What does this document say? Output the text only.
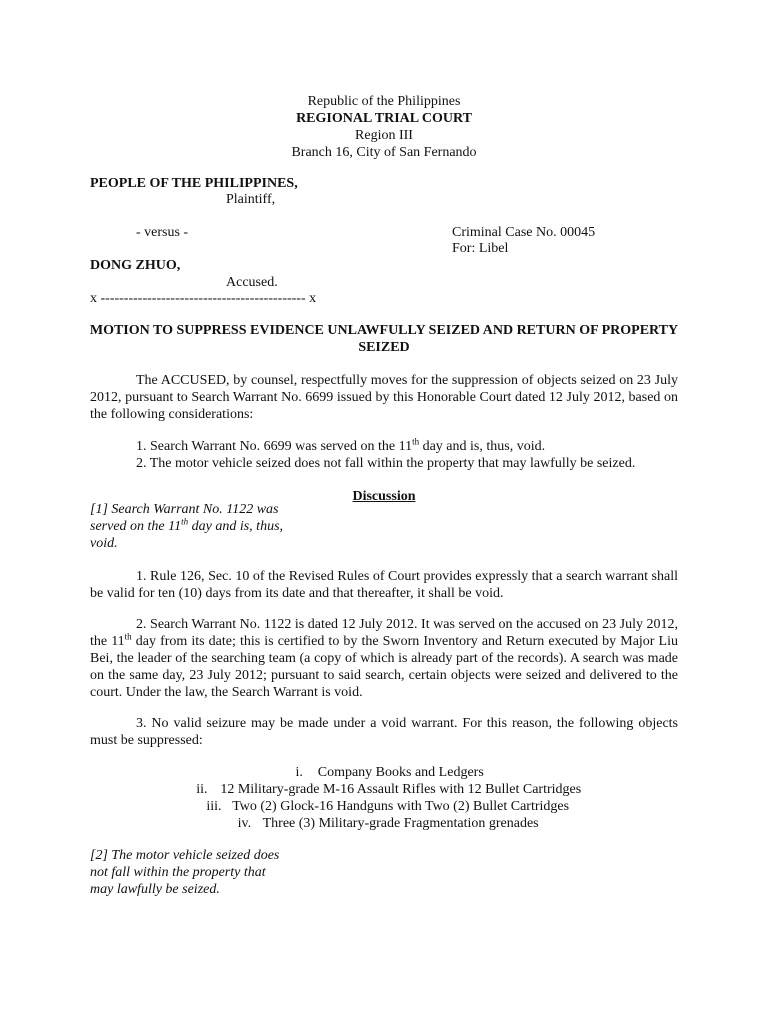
Republic of the Philippines
REGIONAL TRIAL COURT
Region III
Branch 16, City of San Fernando
PEOPLE OF THE PHILIPPINES,
Plaintiff,
- versus -	Criminal Case No. 00045
For: Libel
DONG ZHUO,
Accused.
x -------------------------------------------- x
MOTION TO SUPPRESS EVIDENCE UNLAWFULLY SEIZED AND RETURN OF PROPERTY
SEIZED
The ACCUSED, by counsel, respectfully moves for the suppression of objects seized on 23 July 2012, pursuant to Search Warrant No. 6699 issued by this Honorable Court dated 12 July 2012, based on the following considerations:
1. Search Warrant No. 6699 was served on the 11th day and is, thus, void.
2. The motor vehicle seized does not fall within the property that may lawfully be seized.
Discussion
[1] Search Warrant No. 1122 was
served on the 11th day and is, thus,
void.
1. Rule 126, Sec. 10 of the Revised Rules of Court provides expressly that a search warrant shall be valid for ten (10) days from its date and that thereafter, it shall be void.
2. Search Warrant No. 1122 is dated 12 July 2012. It was served on the accused on 23 July 2012, the 11th day from its date; this is certified to by the Sworn Inventory and Return executed by Major Liu Bei, the leader of the searching team (a copy of which is already part of the records). A search was made on the same day, 23 July 2012; pursuant to said search, certain objects were seized and delivered to the court. Under the law, the Search Warrant is void.
3. No valid seizure may be made under a void warrant. For this reason, the following objects must be suppressed:
i. Company Books and Ledgers
ii. 12 Military-grade M-16 Assault Rifles with 12 Bullet Cartridges
iii. Two (2) Glock-16 Handguns with Two (2) Bullet Cartridges
iv. Three (3) Military-grade Fragmentation grenades
[2] The motor vehicle seized does
not fall within the property that
may lawfully be seized.
